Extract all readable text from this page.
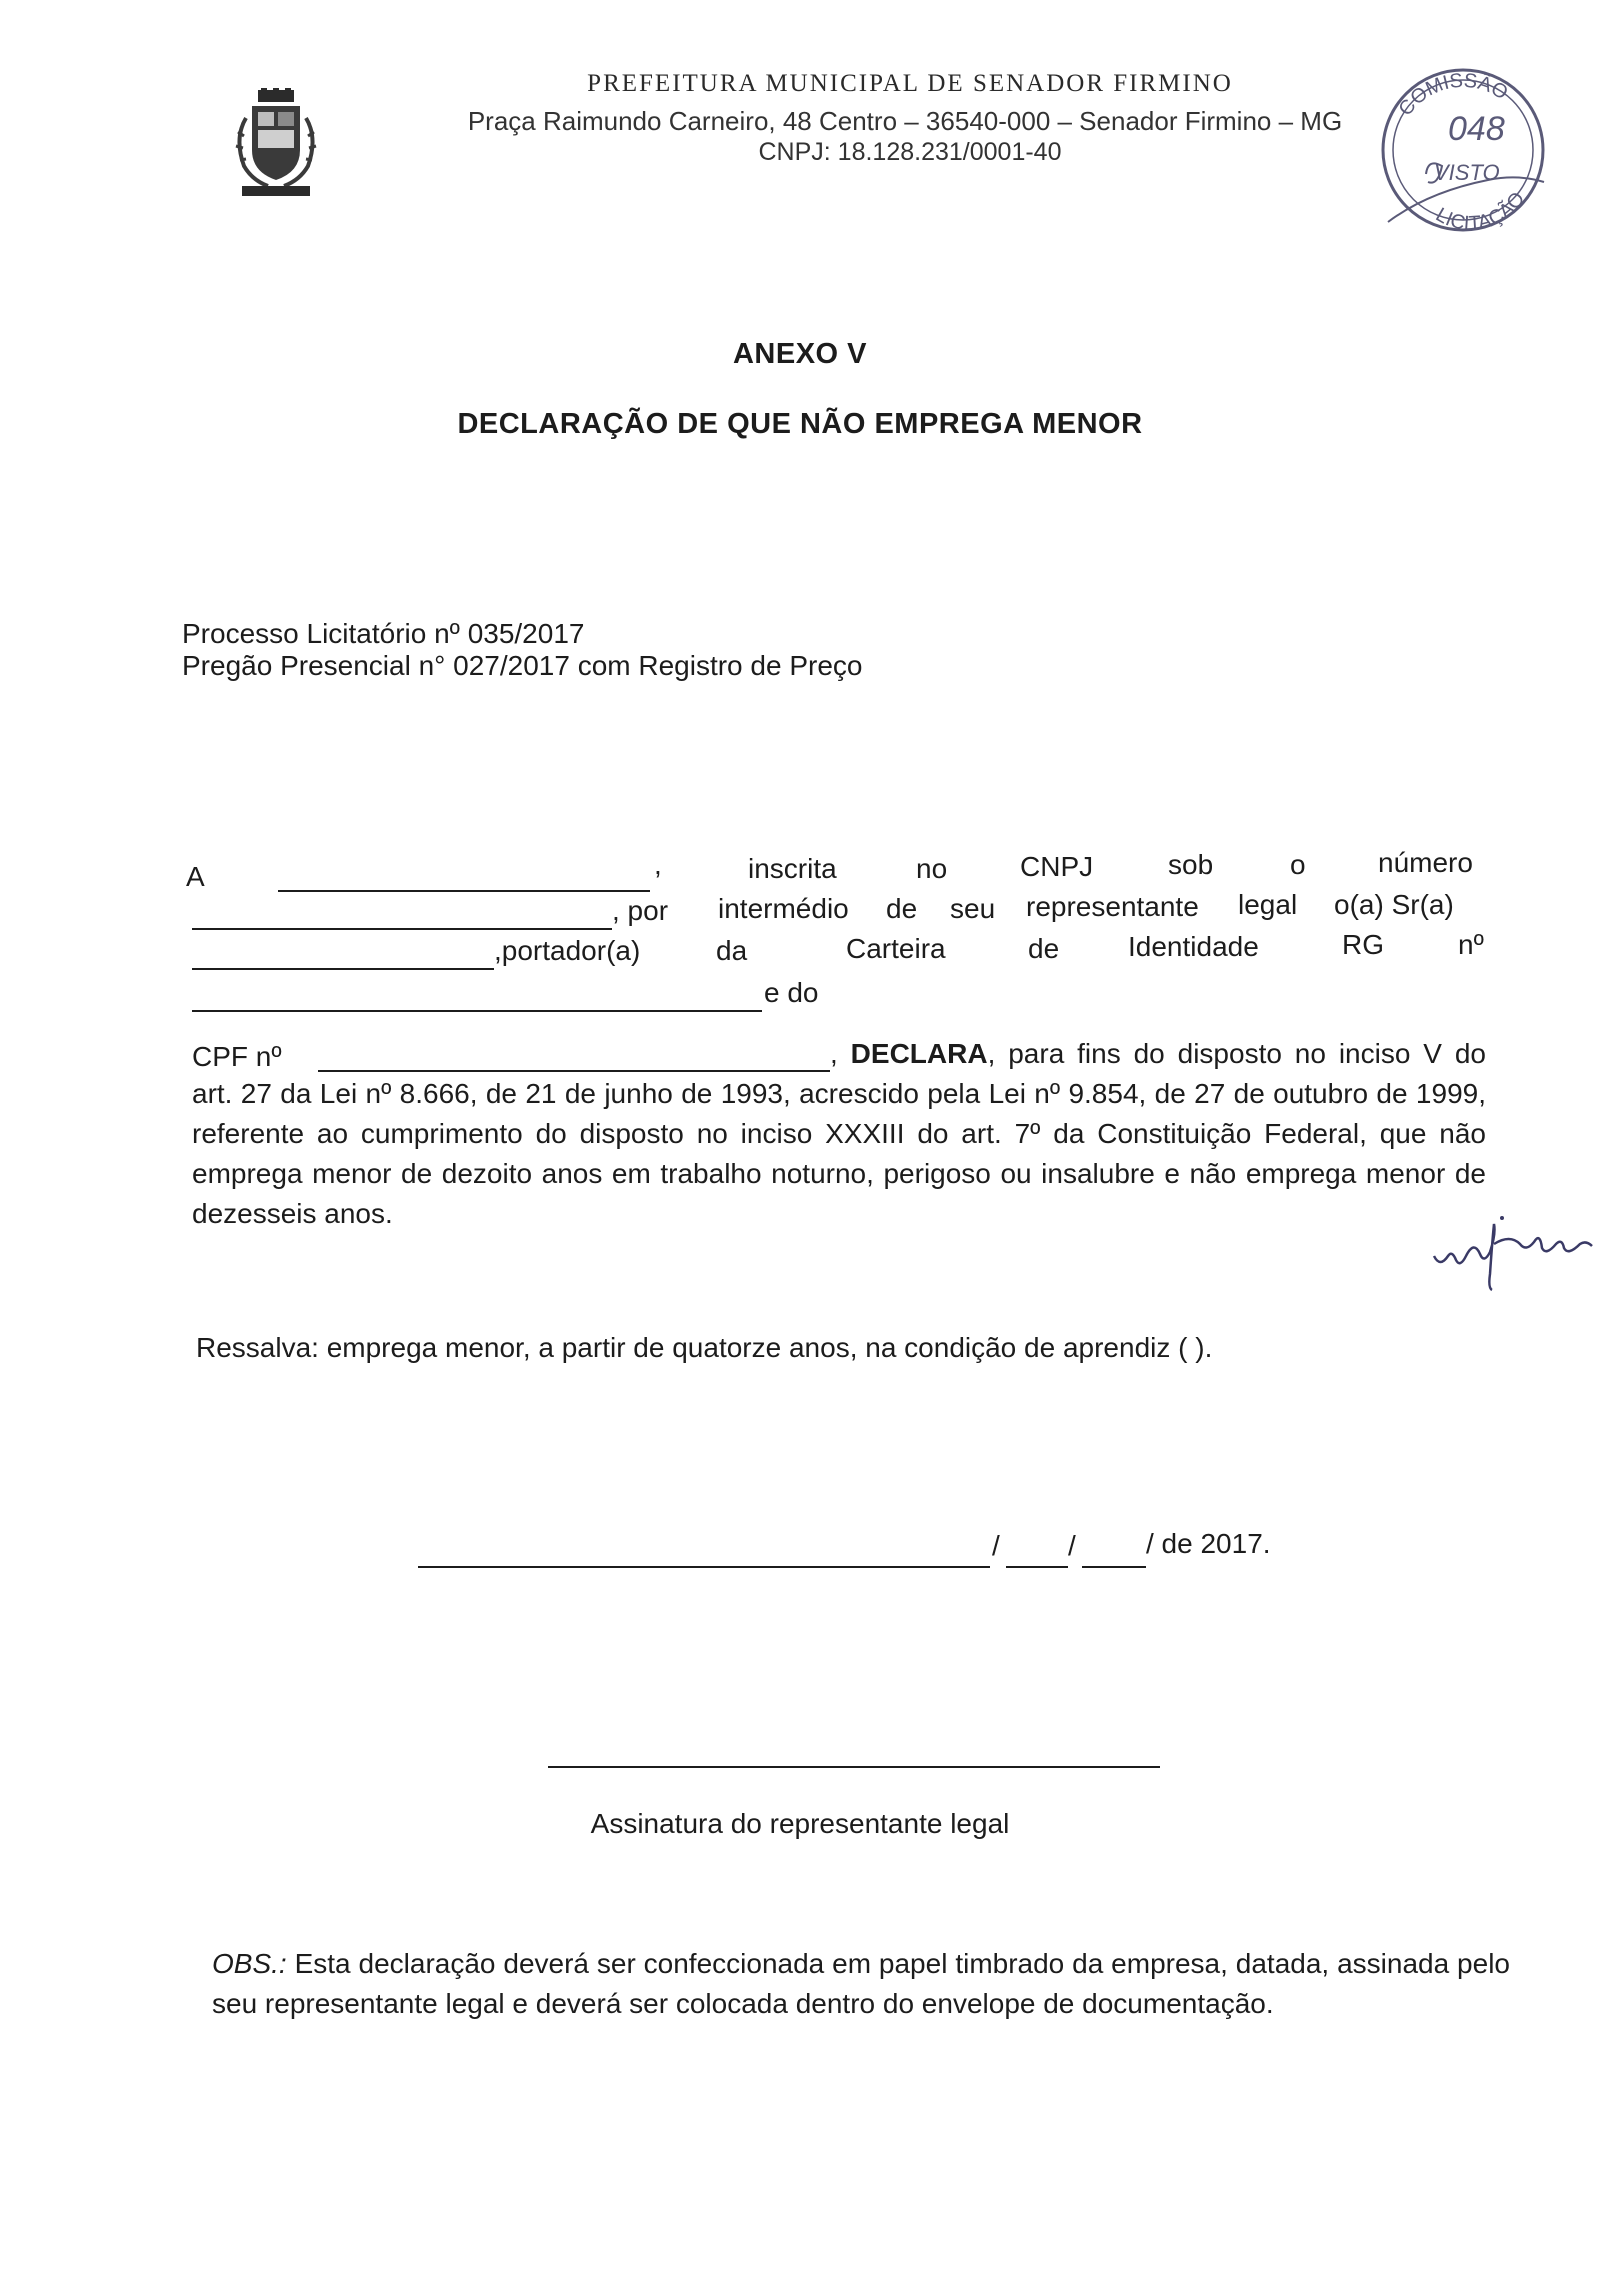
PREFEITURA MUNICIPAL DE SENADOR FIRMINO
Praça Raimundo Carneiro, 48 Centro – 36540-000 – Senador Firmino – MG
CNPJ: 18.128.231/0001-40
COMISSÃO
LICITAÇÃO
048
VISTO
ANEXO V
DECLARAÇÃO DE QUE NÃO EMPREGA MENOR
Processo Licitatório nº 035/2017
Pregão Presencial n° 027/2017 com Registro de Preço
A	,	inscrita	no	CNPJ	sob	o	número
, por intermédio de seu representante legal o(a) Sr(a)
,portador(a)	da	Carteira	de Identidade	RG	nº
e do
CPF nº	, DECLARA, para fins do disposto no inciso V do art. 27 da Lei nº 8.666, de 21 de junho de 1993, acrescido pela Lei nº 9.854, de 27 de outubro de 1999, referente ao cumprimento do disposto no inciso XXXIII do art. 7º da Constituição Federal, que não emprega menor de dezoito anos em trabalho noturno, perigoso ou insalubre e não emprega menor de dezesseis anos.
Ressalva: emprega menor, a partir de quatorze anos, na condição de aprendiz ( ).
/ /	/ de 2017.
Assinatura do representante legal
OBS.: Esta declaração deverá ser confeccionada em papel timbrado da empresa, datada, assinada pelo seu representante legal e deverá ser colocada dentro do envelope de documentação.
